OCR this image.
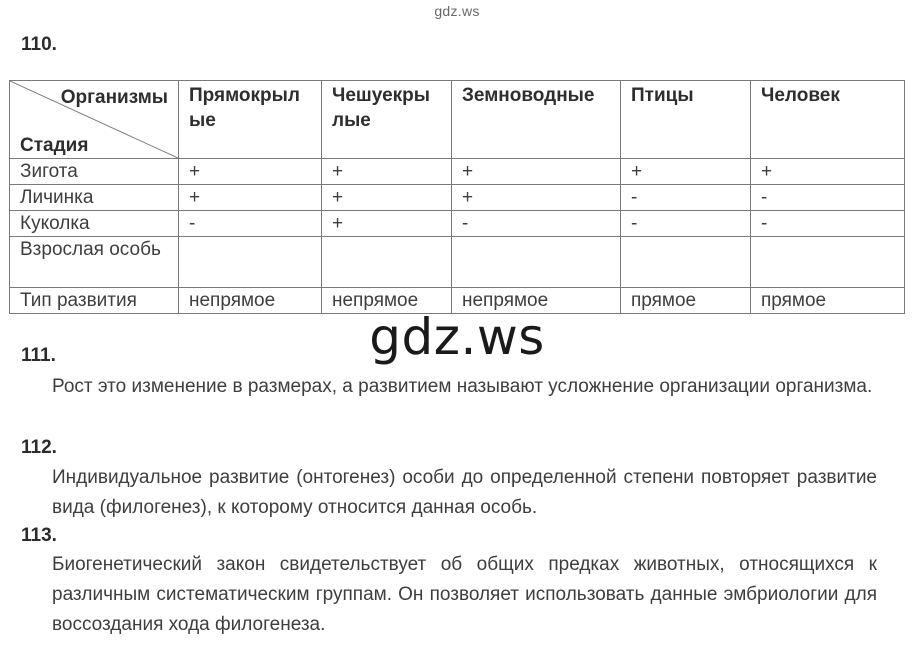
gdz.ws
110.
Организмы
Стадия	Прямокрылые	Чешуекрылые	Земноводные	Птицы	Человек
Зигота	+	+	+	+	+
Личинка	+	+	+	-	-
Куколка	-	+	-	-	-
Взрослая особь					
Тип развития	непрямое	непрямое	непрямое	прямое	прямое
gdz.ws
111.
Рост это изменение в размерах, а развитием называют усложнение организации организма.
112.
Индивидуальное развитие (онтогенез) особи до определенной степени повторяет развитие вида (филогенез), к которому относится данная особь.
113.
Биогенетический закон свидетельствует об общих предках животных, относящихся к различным систематическим группам. Он позволяет использовать данные эмбриологии для воссоздания хода филогенеза.
